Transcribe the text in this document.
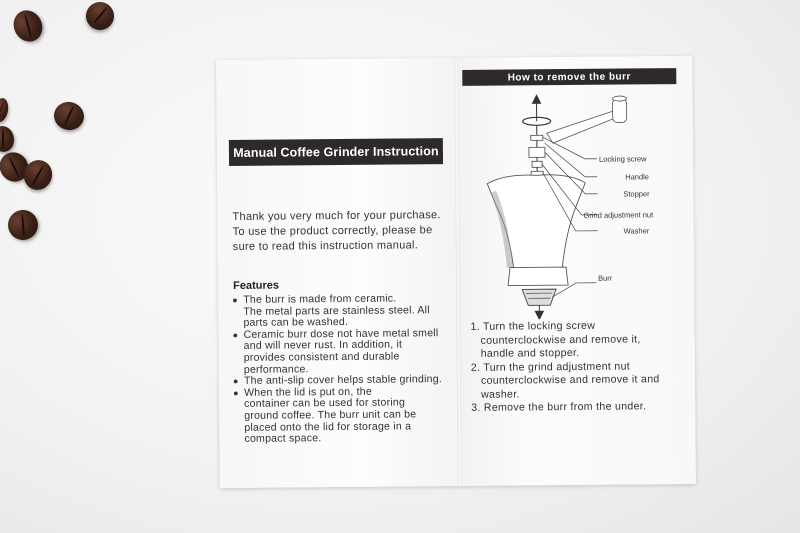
Manual Coffee Grinder Instruction
Thank you very much for your purchase.
To use the product correctly, please be
sure to read this instruction manual.
Features
● The burr is made from ceramic.
The metal parts are stainless steel. All
parts can be washed.
● Ceramic burr dose not have metal smell
and will never rust. In addition, it
provides consistent and durable
performance.
● The anti-slip cover helps stable grinding.
● When the lid is put on, the
container can be used for storing
ground coffee. The burr unit can be
placed onto the lid for storage in a
compact space.
How to remove the burr
Locking screw
Handle
Stopper
Grind adjustment nut
Washer
Burr
1. Turn the locking screw
counterclockwise and remove it,
handle and stopper.
2. Turn the grind adjustment nut
counterclockwise and remove it and
washer.
3. Remove the burr from the under.
